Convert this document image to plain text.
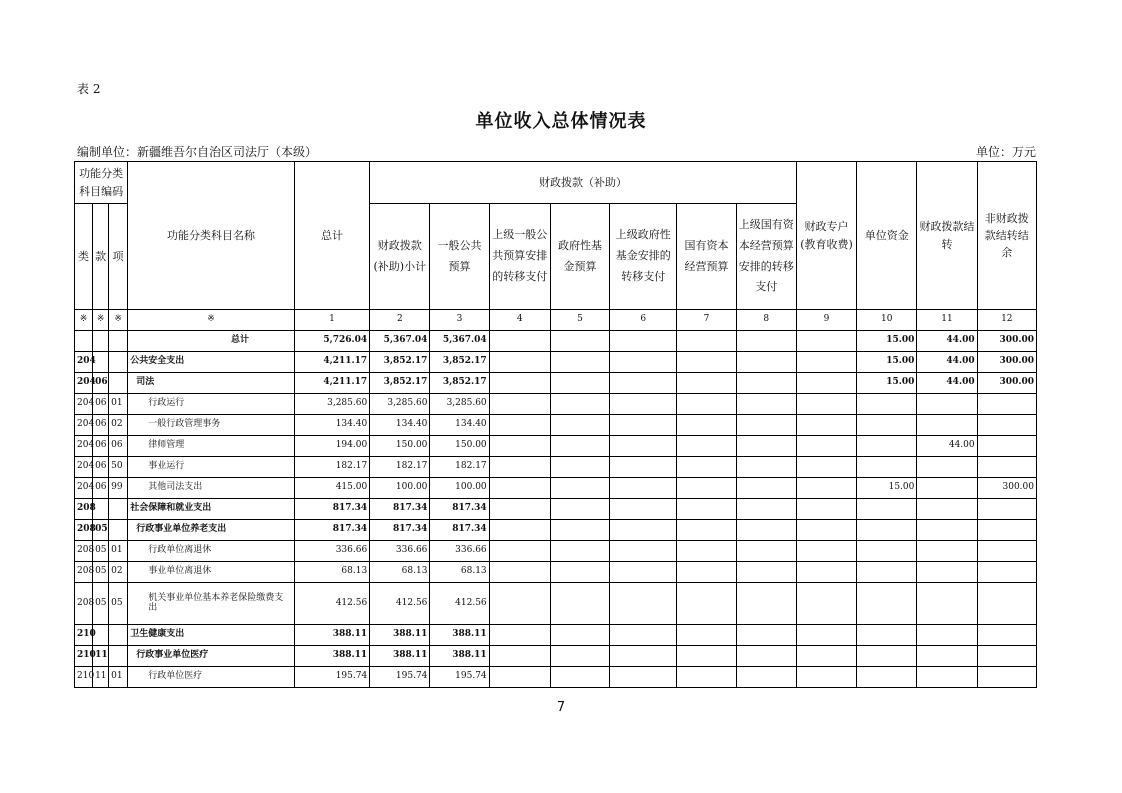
表 2
单位收入总体情况表
编制单位：新疆维吾尔自治区司法厅（本级）	单位：万元
功能分类科目编码			功能分类科目名称	总计	财政拨款（补助）							财政专户(教育收费)	单位资金	财政拨款结转	非财政拨款结转结余
类	款	项			财政拨款(补助)小计	一般公共预算	上级一般公共预算安排的转移支付	政府性基金预算	上级政府性基金安排的转移支付	国有资本经营预算	上级国有资本经营预算安排的转移支付				
※	※	※	※	1	2	3	4	5	6	7	8	9	10	11	12
			总计	5,726.04	5,367.04	5,367.04							15.00	44.00	300.00
204			公共安全支出	4,211.17	3,852.17	3,852.17							15.00	44.00	300.00
204	06		司法	4,211.17	3,852.17	3,852.17							15.00	44.00	300.00
204	06	01	行政运行	3,285.60	3,285.60	3,285.60									
204	06	02	一般行政管理事务	134.40	134.40	134.40									
204	06	06	律师管理	194.00	150.00	150.00								44.00	
204	06	50	事业运行	182.17	182.17	182.17									
204	06	99	其他司法支出	415.00	100.00	100.00							15.00		300.00
208			社会保障和就业支出	817.34	817.34	817.34									
208	05		行政事业单位养老支出	817.34	817.34	817.34									
208	05	01	行政单位离退休	336.66	336.66	336.66									
208	05	02	事业单位离退休	68.13	68.13	68.13									
208	05	05	机关事业单位基本养老保险缴费支出	412.56	412.56	412.56									
210			卫生健康支出	388.11	388.11	388.11									
210	11		行政事业单位医疗	388.11	388.11	388.11									
210	11	01	行政单位医疗	195.74	195.74	195.74									
7
